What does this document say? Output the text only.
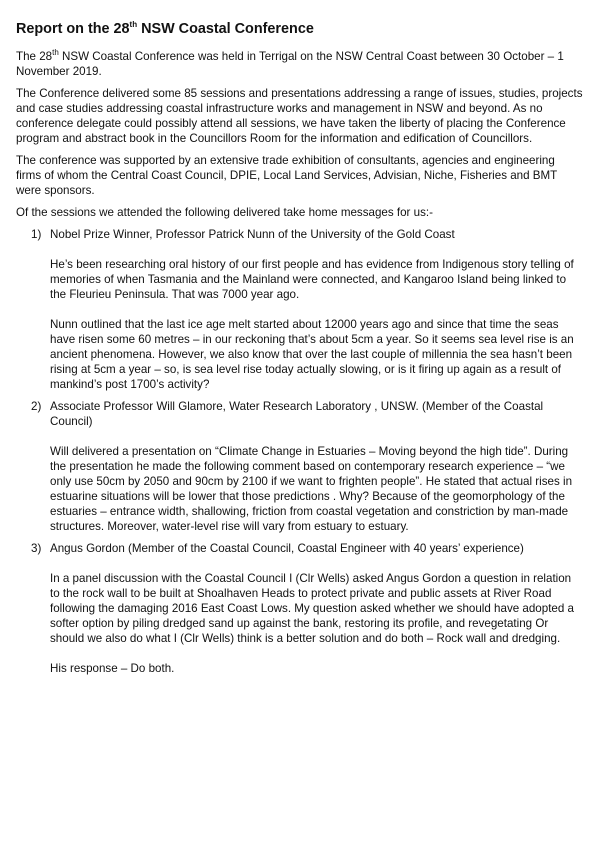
Report on the 28th NSW Coastal Conference

The 28th NSW Coastal Conference was held in Terrigal on the NSW Central Coast between 30 October – 1 November 2019.

The Conference delivered some 85 sessions and presentations addressing a range of issues, studies, projects and case studies addressing coastal infrastructure works and management in NSW and beyond. As no conference delegate could possibly attend all sessions, we have taken the liberty of placing the Conference program and abstract book in the Councillors Room for the information and edification of Councillors.

The conference was supported by an extensive trade exhibition of consultants, agencies and engineering firms of whom the Central Coast Council, DPIE, Local Land Services, Advisian, Niche, Fisheries and BMT were sponsors.

Of the sessions we attended the following delivered take home messages for us:-

1) Nobel Prize Winner, Professor Patrick Nunn of the University of the Gold Coast

He’s been researching oral history of our first people and has evidence from Indigenous story telling of memories of when Tasmania and the Mainland were connected, and Kangaroo Island being linked to the Fleurieu Peninsula. That was 7000 year ago.

Nunn outlined that the last ice age melt started about 12000 years ago and since that time the seas have risen some 60 metres – in our reckoning that’s about 5cm a year. So it seems sea level rise is an ancient phenomena. However, we also know that over the last couple of millennia the sea hasn’t been rising at 5cm a year – so, is sea level rise today actually slowing, or is it firing up again as a result of mankind’s post 1700’s activity?

2) Associate Professor Will Glamore, Water Research Laboratory , UNSW. (Member of the Coastal Council)

Will delivered a presentation on “Climate Change in Estuaries – Moving beyond the high tide”. During the presentation he made the following comment based on contemporary research experience – “we only use 50cm by 2050 and 90cm by 2100 if we want to frighten people”. He stated that actual rises in estuarine situations will be lower that those predictions . Why? Because of the geomorphology of the estuaries – entrance width, shallowing, friction from coastal vegetation and constriction by man-made structures. Moreover, water-level rise will vary from estuary to estuary.

3) Angus Gordon (Member of the Coastal Council, Coastal Engineer with 40 years’ experience)

In a panel discussion with the Coastal Council I (Clr Wells) asked Angus Gordon a question in relation to the rock wall to be built at Shoalhaven Heads to protect private and public assets at River Road following the damaging 2016 East Coast Lows. My question asked whether we should have adopted a softer option by piling dredged sand up against the bank, restoring its profile, and revegetating Or should we also do what I (Clr Wells) think is a better solution and do both – Rock wall and dredging.

His response – Do both.
